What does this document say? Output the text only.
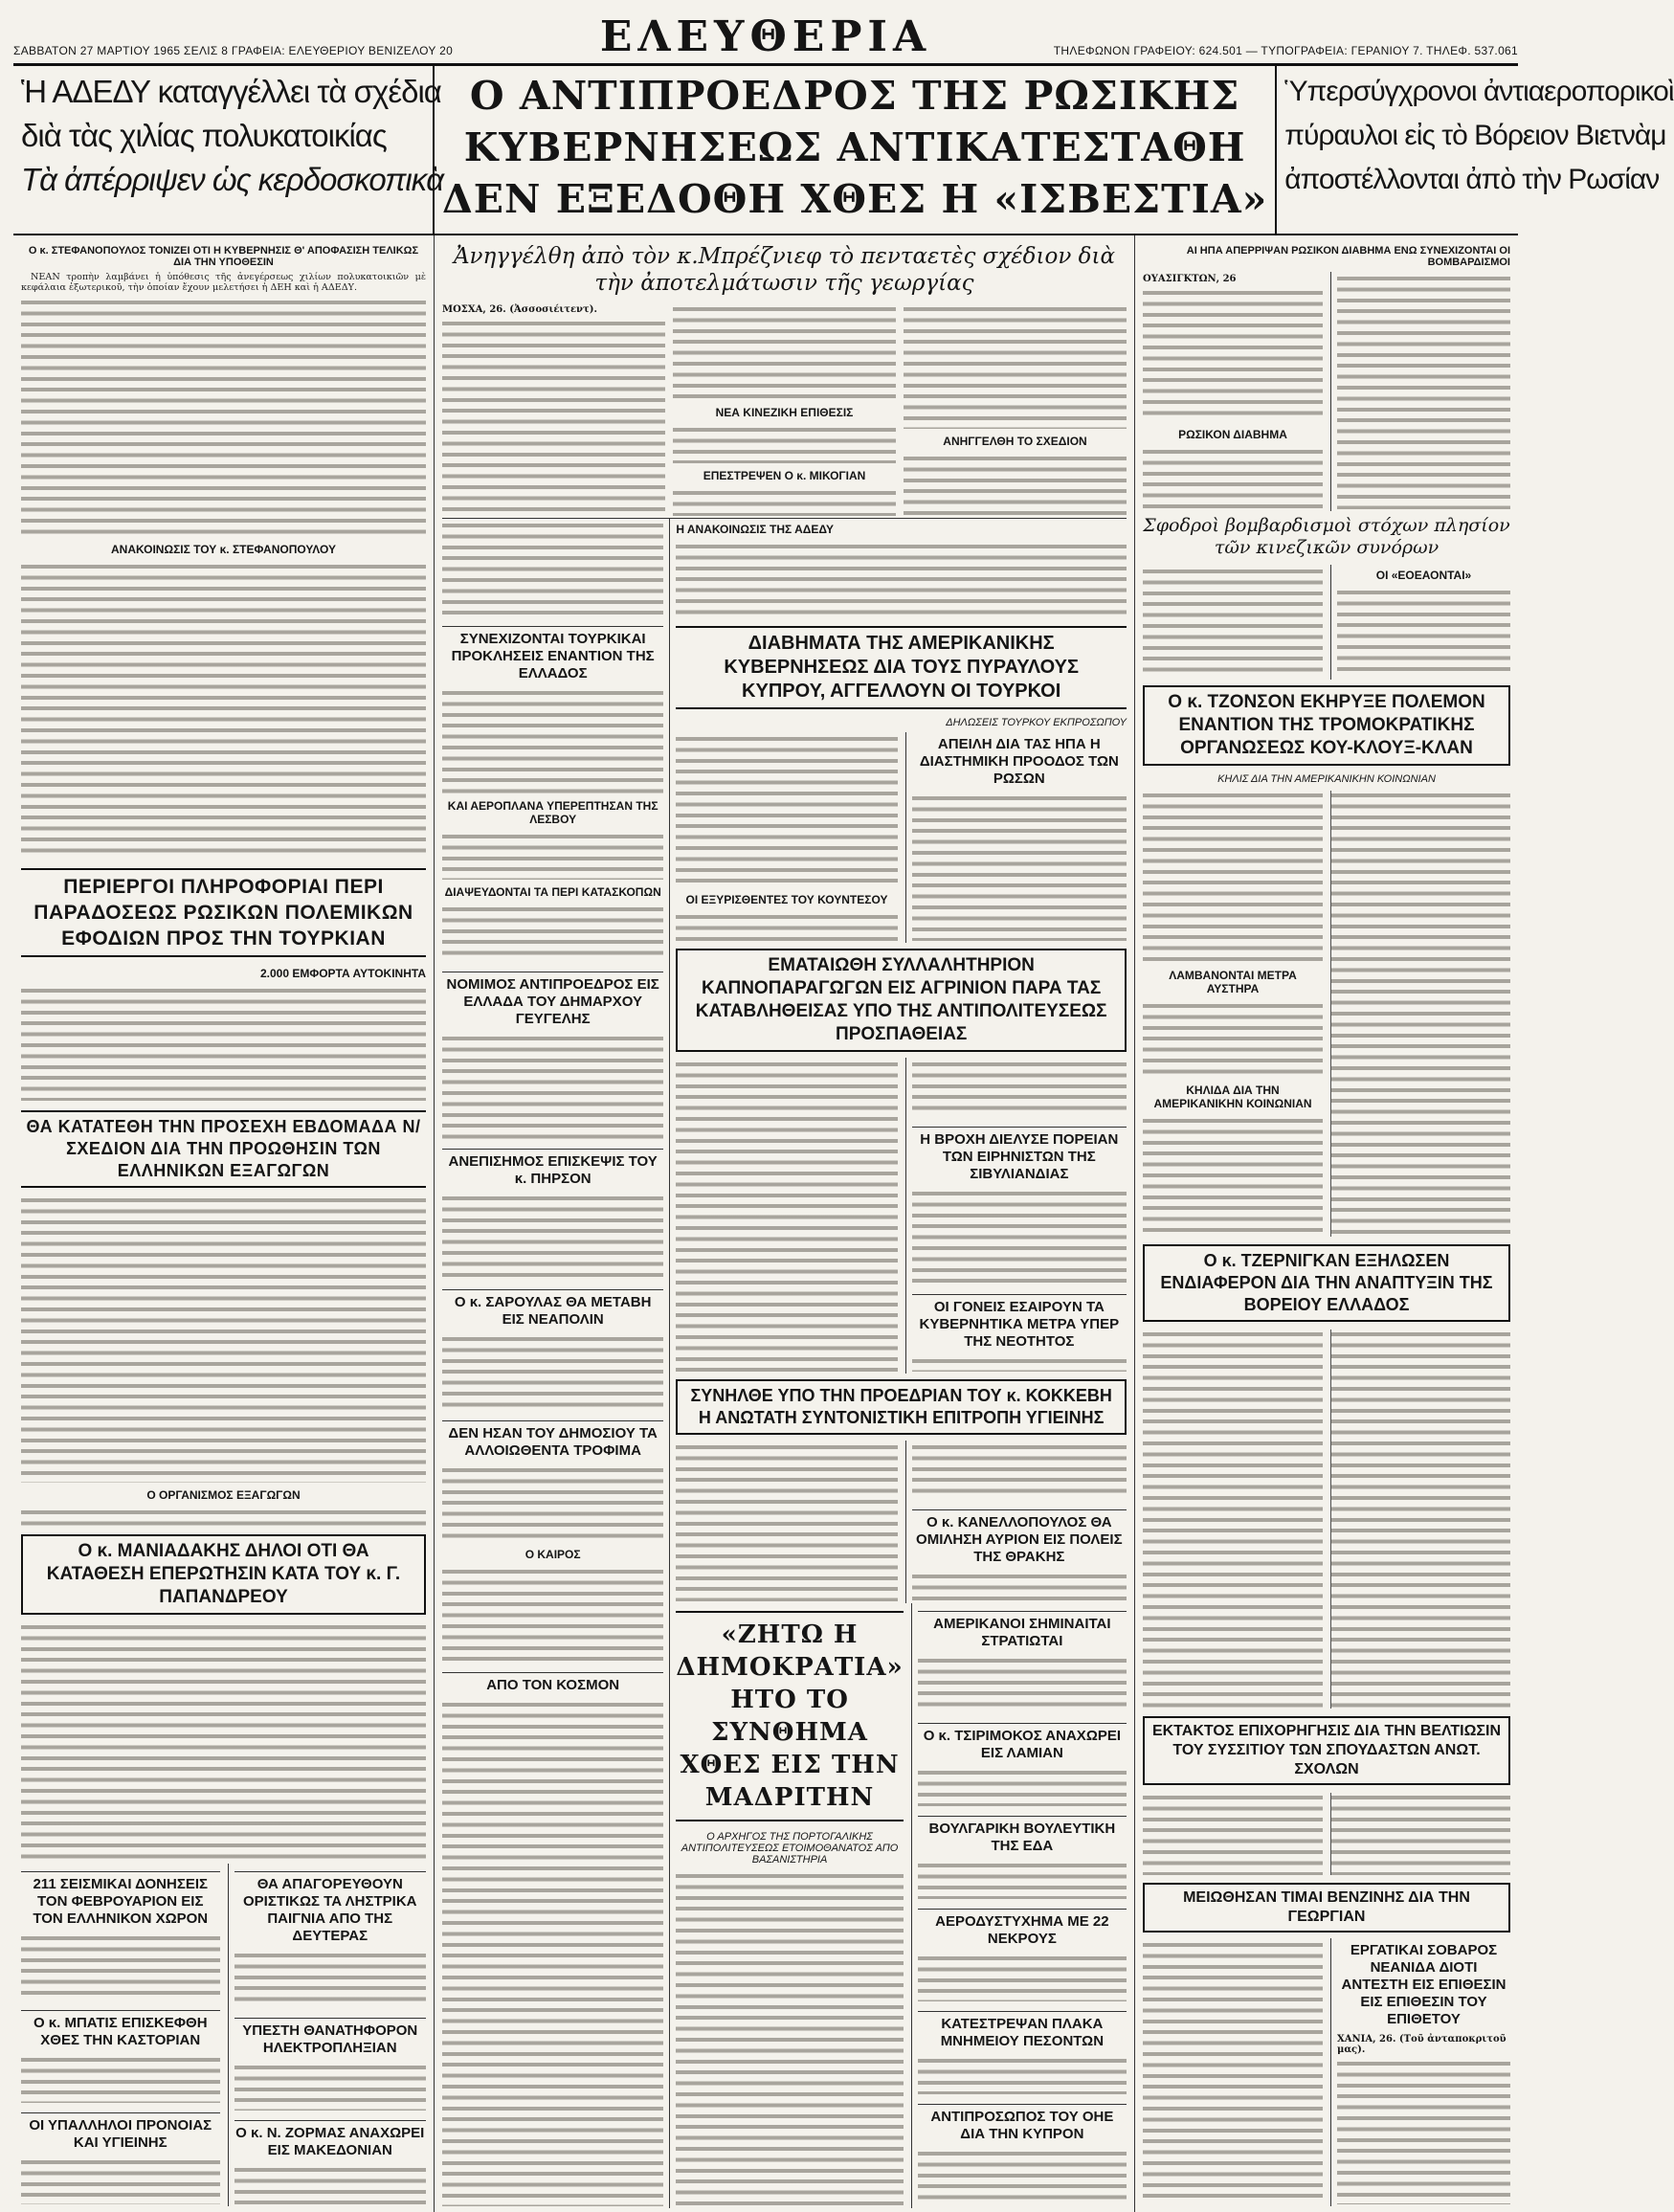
ΣΑΒΒΑΤΟΝ 27 ΜΑΡΤΙΟΥ 1965 ΣΕΛΙΣ 8 ΓΡΑΦΕΙΑ: ΕΛΕΥΘΕΡΙΟΥ ΒΕΝΙΖΕΛΟΥ 20	ΕΛΕΥΘΕΡΙΑ	ΤΗΛΕΦΩΝΟΝ ΓΡΑΦΕΙΟΥ: 624.501 — ΤΥΠΟΓΡΑΦΕΙΑ: ΓΕΡΑΝΙΟΥ 7. ΤΗΛΕΦ. 537.061
Ἡ ΑΔΕΔΥ καταγγέλλει τὰ σχέδια
διὰ τὰς χιλίας πολυκατοικίας
Τὰ ἀπέρριψεν ὡς κερδοσκοπικὰ
Ο ΑΝΤΙΠΡΟΕΔΡΟΣ ΤΗΣ ΡΩΣΙΚΗΣ
ΚΥΒΕΡΝΗΣΕΩΣ ΑΝΤΙΚΑΤΕΣΤΑΘΗ
ΔΕΝ ΕΞΕΔΟΘΗ ΧΘΕΣ Η «ΙΣΒΕΣΤΙΑ»
Ὑπερσύγχρονοι ἀντιαεροπορικοὶ
πύραυλοι εἰς τὸ Βόρειον Βιετνὰμ
ἀποστέλλονται ἀπὸ τὴν Ρωσίαν
Ο κ. ΣΤΕΦΑΝΟΠΟΥΛΟΣ ΤΟΝΙΖΕΙ ΟΤΙ Η ΚΥΒΕΡΝΗΣΙΣ Θ' ΑΠΟΦΑΣΙΣΗ ΤΕΛΙΚΩΣ ΔΙΑ ΤΗΝ ΥΠΟΘΕΣΙΝ

ΝΕΑΝ τροπὴν λαμβάνει ἡ ὑπόθεσις τῆς ἀνεγέρσεως χιλίων πολυκατοικιῶν μὲ κεφάλαια ἐξωτερικοῦ, τὴν ὁποίαν ἔχουν μελετήσει ἡ ΔΕΗ καὶ ἡ ΑΔΕΔΥ.

ΑΝΑΚΟΙΝΩΣΙΣ ΤΟΥ κ. ΣΤΕΦΑΝΟΠΟΥΛΟΥ
ΠΕΡΙΕΡΓΟΙ ΠΛΗΡΟΦΟΡΙΑΙ ΠΕΡΙ ΠΑΡΑΔΟΣΕΩΣ ΡΩΣΙΚΩΝ ΠΟΛΕΜΙΚΩΝ ΕΦΟΔΙΩΝ ΠΡΟΣ ΤΗΝ ΤΟΥΡΚΙΑΝ
2.000 ΕΜΦΟΡΤΑ ΑΥΤΟΚΙΝΗΤΑ
ΘΑ ΚΑΤΑΤΕΘΗ ΤΗΝ ΠΡΟΣΕΧΗ ΕΒΔΟΜΑΔΑ Ν/ΣΧΕΔΙΟΝ ΔΙΑ ΤΗΝ ΠΡΟΩΘΗΣΙΝ ΤΩΝ ΕΛΛΗΝΙΚΩΝ ΕΞΑΓΩΓΩΝ
Ο ΟΡΓΑΝΙΣΜΟΣ ΕΞΑΓΩΓΩΝ
Ο κ. ΜΑΝΙΑΔΑΚΗΣ ΔΗΛΟΙ ΟΤΙ ΘΑ ΚΑΤΑΘΕΣΗ ΕΠΕΡΩΤΗΣΙΝ ΚΑΤΑ ΤΟΥ κ. Γ. ΠΑΠΑΝΔΡΕΟΥ
211 ΣΕΙΣΜΙΚΑΙ ΔΟΝΗΣΕΙΣ ΤΟΝ ΦΕΒΡΟΥΑΡΙΟΝ ΕΙΣ ΤΟΝ ΕΛΛΗΝΙΚΟΝ ΧΩΡΟΝ
Ο κ. ΜΠΑΤΙΣ ΕΠΙΣΚΕΦΘΗ ΧΘΕΣ ΤΗΝ ΚΑΣΤΟΡΙΑΝ
ΟΙ ΥΠΑΛΛΗΛΟΙ ΠΡΟΝΟΙΑΣ ΚΑΙ ΥΓΙΕΙΝΗΣ
ΘΑ ΑΠΑΓΟΡΕΥΘΟΥΝ ΟΡΙΣΤΙΚΩΣ ΤΑ ΛΗΣΤΡΙΚΑ ΠΑΙΓΝΙΑ ΑΠΟ ΤΗΣ ΔΕΥΤΕΡΑΣ
ΥΠΕΣΤΗ ΘΑΝΑΤΗΦΟΡΟΝ ΗΛΕΚΤΡΟΠΛΗΞΙΑΝ
Ο κ. Ν. ΖΟΡΜΑΣ ΑΝΑΧΩΡΕΙ ΕΙΣ ΜΑΚΕΔΟΝΙΑΝ
Ἀνηγγέλθη ἀπὸ τὸν κ.Μπρέζνιεφ τὸ πενταετὲς σχέδιον διὰ τὴν ἀποτελμάτωσιν τῆς γεωργίας
ΜΟΣΧΑ, 26. (Ἀσσοσιέιτεντ).
ΝΕΑ ΚΙΝΕΖΙΚΗ ΕΠΙΘΕΣΙΣ
ΕΠΕΣΤΡΕΨΕΝ Ο κ. ΜΙΚΟΓΙΑΝ
ΑΝΗΓΓΕΛΘΗ ΤΟ ΣΧΕΔΙΟΝ
ΣΥΝΕΧΙΖΟΝΤΑΙ ΤΟΥΡΚΙΚΑΙ ΠΡΟΚΛΗΣΕΙΣ ΕΝΑΝΤΙΟΝ ΤΗΣ ΕΛΛΑΔΟΣ
ΚΑΙ ΑΕΡΟΠΛΑΝΑ ΥΠΕΡΕΠΤΗΣΑΝ ΤΗΣ ΛΕΣΒΟΥ
ΔΙΑΨΕΥΔΟΝΤΑΙ ΤΑ ΠΕΡΙ ΚΑΤΑΣΚΟΠΩΝ
ΝΟΜΙΜΟΣ ΑΝΤΙΠΡΟΕΔΡΟΣ ΕΙΣ ΕΛΛΑΔΑ ΤΟΥ ΔΗΜΑΡΧΟΥ ΓΕΥΓΕΛΗΣ
ΑΝΕΠΙΣΗΜΟΣ ΕΠΙΣΚΕΨΙΣ ΤΟΥ κ. ΠΗΡΣΟΝ
Ο κ. ΣΑΡΟΥΛΑΣ ΘΑ ΜΕΤΑΒΗ ΕΙΣ ΝΕΑΠΟΛΙΝ
ΔΕΝ ΗΣΑΝ ΤΟΥ ΔΗΜΟΣΙΟΥ ΤΑ ΑΛΛΟΙΩΘΕΝΤΑ ΤΡΟΦΙΜΑ
Ο ΚΑΙΡΟΣ
ΑΠΟ ΤΟΝ ΚΟΣΜΟΝ
Η ΑΝΑΚΟΙΝΩΣΙΣ ΤΗΣ ΑΔΕΔΥ
ΔΙΑΒΗΜΑΤΑ ΤΗΣ ΑΜΕΡΙΚΑΝΙΚΗΣ ΚΥΒΕΡΝΗΣΕΩΣ ΔΙΑ ΤΟΥΣ ΠΥΡΑΥΛΟΥΣ ΚΥΠΡΟΥ, ΑΓΓΕΛΛΟΥΝ ΟΙ ΤΟΥΡΚΟΙ
ΔΗΛΩΣΕΙΣ ΤΟΥΡΚΟΥ ΕΚΠΡΟΣΩΠΟΥ
ΟΙ ΕΞΥΡΙΣΘΕΝΤΕΣ ΤΟΥ ΚΟΥΝΤΕΣΟΥ
ΑΠΕΙΛΗ ΔΙΑ ΤΑΣ ΗΠΑ Η ΔΙΑΣΤΗΜΙΚΗ ΠΡΟΟΔΟΣ ΤΩΝ ΡΩΣΩΝ
ΕΜΑΤΑΙΩΘΗ ΣΥΛΛΑΛΗΤΗΡΙΟΝ ΚΑΠΝΟΠΑΡΑΓΩΓΩΝ ΕΙΣ ΑΓΡΙΝΙΟΝ ΠΑΡΑ ΤΑΣ ΚΑΤΑΒΛΗΘΕΙΣΑΣ ΥΠΟ ΤΗΣ ΑΝΤΙΠΟΛΙΤΕΥΣΕΩΣ ΠΡΟΣΠΑΘΕΙΑΣ
Η ΒΡΟΧΗ ΔΙΕΛΥΣΕ ΠΟΡΕΙΑΝ ΤΩΝ ΕΙΡΗΝΙΣΤΩΝ ΤΗΣ ΣΙΒΥΛΙΑΝΔΙΑΣ
ΟΙ ΓΟΝΕΙΣ ΕΣΑΙΡΟΥΝ ΤΑ ΚΥΒΕΡΝΗΤΙΚΑ ΜΕΤΡΑ ΥΠΕΡ ΤΗΣ ΝΕΟΤΗΤΟΣ
ΣΥΝΗΛΘΕ ΥΠΟ ΤΗΝ ΠΡΟΕΔΡΙΑΝ ΤΟΥ κ. ΚΟΚΚΕΒΗ Η ΑΝΩΤΑΤΗ ΣΥΝΤΟΝΙΣΤΙΚΗ ΕΠΙΤΡΟΠΗ ΥΓΙΕΙΝΗΣ
Ο κ. ΚΑΝΕΛΛΟΠΟΥΛΟΣ ΘΑ ΟΜΙΛΗΣΗ ΑΥΡΙΟΝ ΕΙΣ ΠΟΛΕΙΣ ΤΗΣ ΘΡΑΚΗΣ
«ΖΗΤΩ Η ΔΗΜΟΚΡΑΤΙΑ» ΗΤΟ ΤΟ ΣΥΝΘΗΜΑ ΧΘΕΣ ΕΙΣ ΤΗΝ ΜΑΔΡΙΤΗΝ
Ο ΑΡΧΗΓΟΣ ΤΗΣ ΠΟΡΤΟΓΑΛΙΚΗΣ ΑΝΤΙΠΟΛΙΤΕΥΣΕΩΣ ΕΤΟΙΜΟΘΑΝΑΤΟΣ ΑΠΟ ΒΑΣΑΝΙΣΤΗΡΙΑ
ΑΜΕΡΙΚΑΝΟΙ ΣΗΜΙΝΑΙΤΑΙ ΣΤΡΑΤΙΩΤΑΙ
Ο κ. ΤΣΙΡΙΜΟΚΟΣ ΑΝΑΧΩΡΕΙ ΕΙΣ ΛΑΜΙΑΝ
ΒΟΥΛΓΑΡΙΚΗ ΒΟΥΛΕΥΤΙΚΗ ΤΗΣ ΕΔΑ
ΑΕΡΟΔΥΣΤΥΧΗΜΑ ΜΕ 22 ΝΕΚΡΟΥΣ
ΚΑΤΕΣΤΡΕΨΑΝ ΠΛΑΚΑ ΜΝΗΜΕΙΟΥ ΠΕΣΟΝΤΩΝ
ΑΝΤΙΠΡΟΣΩΠΟΣ ΤΟΥ ΟΗΕ ΔΙΑ ΤΗΝ ΚΥΠΡΟΝ
ΑΙ ΗΠΑ ΑΠΕΡΡΙΨΑΝ ΡΩΣΙΚΟΝ ΔΙΑΒΗΜΑ ΕΝΩ ΣΥΝΕΧΙΖΟΝΤΑΙ ΟΙ ΒΟΜΒΑΡΔΙΣΜΟΙ
ΟΥΑΣΙΓΚΤΩΝ, 26
ΡΩΣΙΚΟΝ ΔΙΑΒΗΜΑ
Σφοδροὶ βομβαρδισμοὶ στόχων πλησίον τῶν κινεζικῶν συνόρων
ΟΙ «ΕΟΕΑΟΝΤΑΙ»
Ο κ. ΤΖΟΝΣΟΝ ΕΚΗΡΥΞΕ ΠΟΛΕΜΟΝ ΕΝΑΝΤΙΟΝ ΤΗΣ ΤΡΟΜΟΚΡΑΤΙΚΗΣ ΟΡΓΑΝΩΣΕΩΣ ΚΟΥ-ΚΛΟΥΞ-ΚΛΑΝ
ΚΗΛΙΣ ΔΙΑ ΤΗΝ ΑΜΕΡΙΚΑΝΙΚΗΝ ΚΟΙΝΩΝΙΑΝ
ΛΑΜΒΑΝΟΝΤΑΙ ΜΕΤΡΑ ΑΥΣΤΗΡΑ
ΚΗΛΙΔΑ ΔΙΑ ΤΗΝ ΑΜΕΡΙΚΑΝΙΚΗΝ ΚΟΙΝΩΝΙΑΝ
Ο κ. ΤΖΕΡΝΙΓΚΑΝ ΕΞΗΛΩΣΕΝ ΕΝΔΙΑΦΕΡΟΝ ΔΙΑ ΤΗΝ ΑΝΑΠΤΥΞΙΝ ΤΗΣ ΒΟΡΕΙΟΥ ΕΛΛΑΔΟΣ
ΕΚΤΑΚΤΟΣ ΕΠΙΧΟΡΗΓΗΣΙΣ ΔΙΑ ΤΗΝ ΒΕΛΤΙΩΣΙΝ ΤΟΥ ΣΥΣΣΙΤΙΟΥ ΤΩΝ ΣΠΟΥΔΑΣΤΩΝ ΑΝΩΤ. ΣΧΟΛΩΝ
ΜΕΙΩΘΗΣΑΝ ΤΙΜΑΙ ΒΕΝΖΙΝΗΣ ΔΙΑ ΤΗΝ ΓΕΩΡΓΙΑΝ
ΕΡΓΑΤΙΚΑΙ ΣΟΒΑΡΟΣ ΝΕΑΝΙΔΑ ΔΙΟΤΙ ΑΝΤΕΣΤΗ ΕΙΣ ΕΠΙΘΕΣΙΝ ΕΙΣ ΕΠΙΘΕΣΙΝ ΤΟΥ ΕΠΙΘΕΤΟΥ
ΧΑΝΙΑ, 26. (Τοῦ ἀνταποκριτοῦ μας).
